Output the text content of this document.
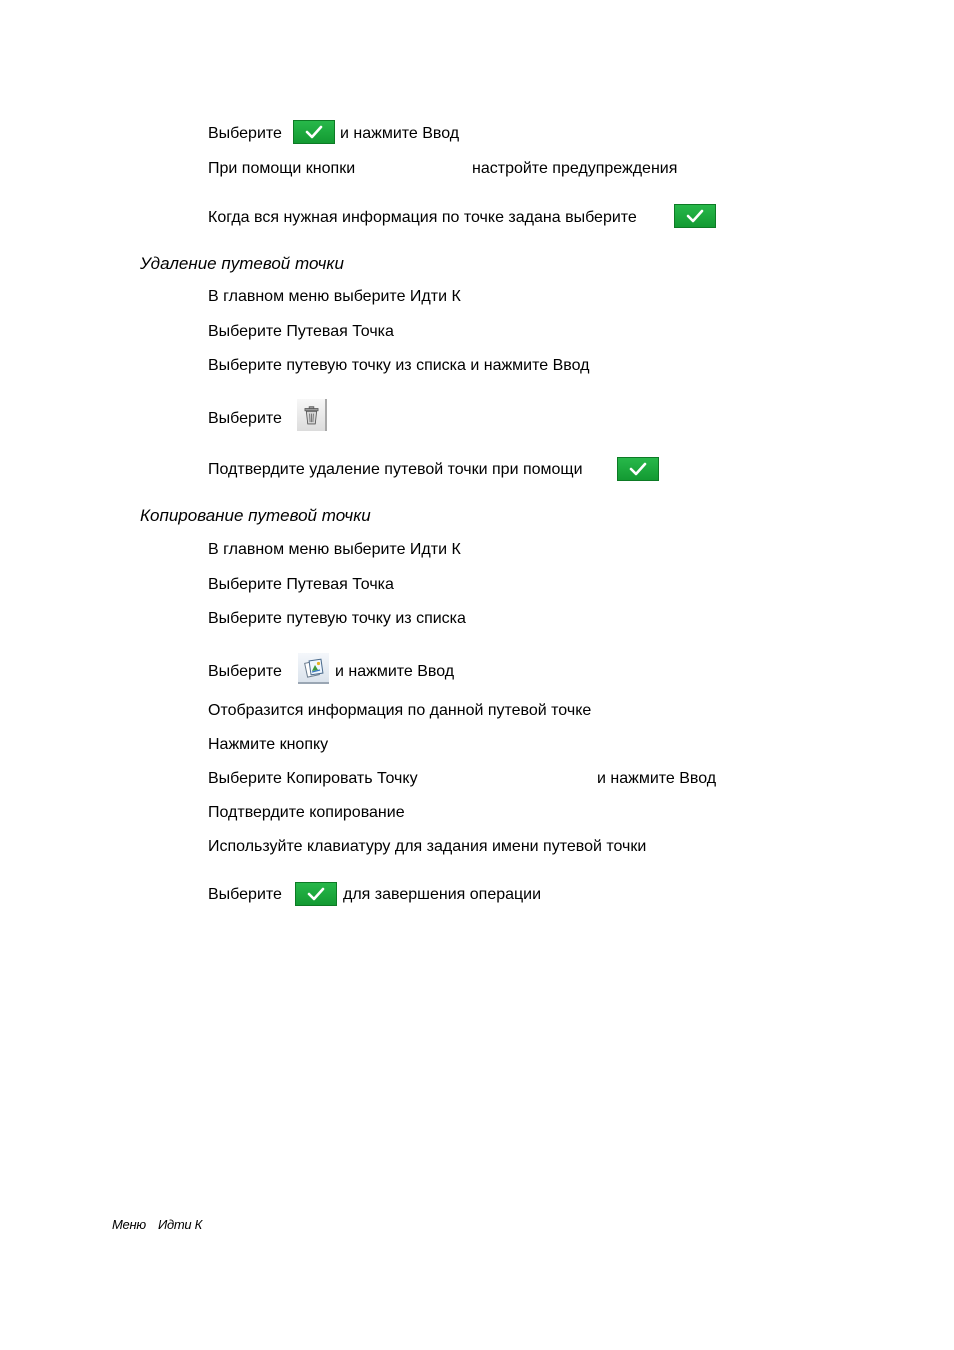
Выберите	и нажмите Ввод
При помощи кнопки	настройте предупреждения
Когда вся нужная информация по точке задана выберите
Удаление путевой точки
В главном меню выберите Идти К
Выберите Путевая Точка
Выберите путевую точку из списка и нажмите Ввод
Выберите
Подтвердите удаление путевой точки при помощи
Копирование путевой точки
В главном меню выберите Идти К
Выберите Путевая Точка
Выберите путевую точку из списка
Выберите	и нажмите Ввод
Отобразится информация по данной путевой точке
Нажмите кнопку
Выберите Копировать Точку	и нажмите Ввод
Подтвердите копирование
Используйте клавиатуру для задания имени путевой точки
Выберите	для завершения операции
Меню Идти К
